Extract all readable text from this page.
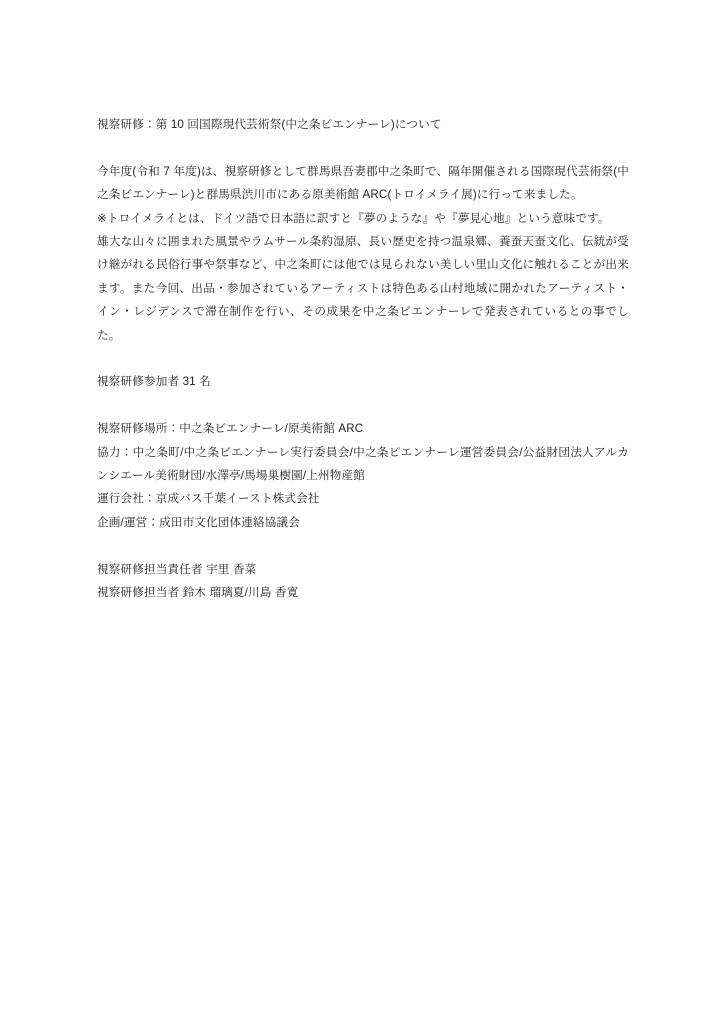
視察研修：第 10 回国際現代芸術祭(中之条ビエンナーレ)について

今年度(令和 7 年度)は、視察研修として群馬県吾妻郡中之条町で、隔年開催される国際現代芸術祭(中之条ビエンナーレ)と群馬県渋川市にある原美術館 ARC(トロイメライ展)に行って来ました。

※トロイメライとは、ドイツ語で日本語に訳すと『夢のような』や『夢見心地』という意味です。

雄大な山々に囲まれた風景やラムサール条約湿原、長い歴史を持つ温泉郷、養蚕天蚕文化、伝統が受け継がれる民俗行事や祭事など、中之条町には他では見られない美しい里山文化に触れることが出来ます。また今回、出品・参加されているアーティストは特色ある山村地域に開かれたアーティスト・イン・レジデンスで滞在制作を行い、その成果を中之条ビエンナーレで発表されているとの事でした。

視察研修参加者 31 名

視察研修場所：中之条ビエンナーレ/原美術館 ARC

協力：中之条町/中之条ビエンナーレ実行委員会/中之条ビエンナーレ運営委員会/公益財団法人アルカンシエール美術財団/水澤亭/馬場巣樹園/上州物産館

運行会社：京成バス千葉イースト株式会社

企画/運営：成田市文化団体連絡協議会

視察研修担当責任者 宇里 香菜

視察研修担当者 鈴木 瑠璃夏/川島 香寛
